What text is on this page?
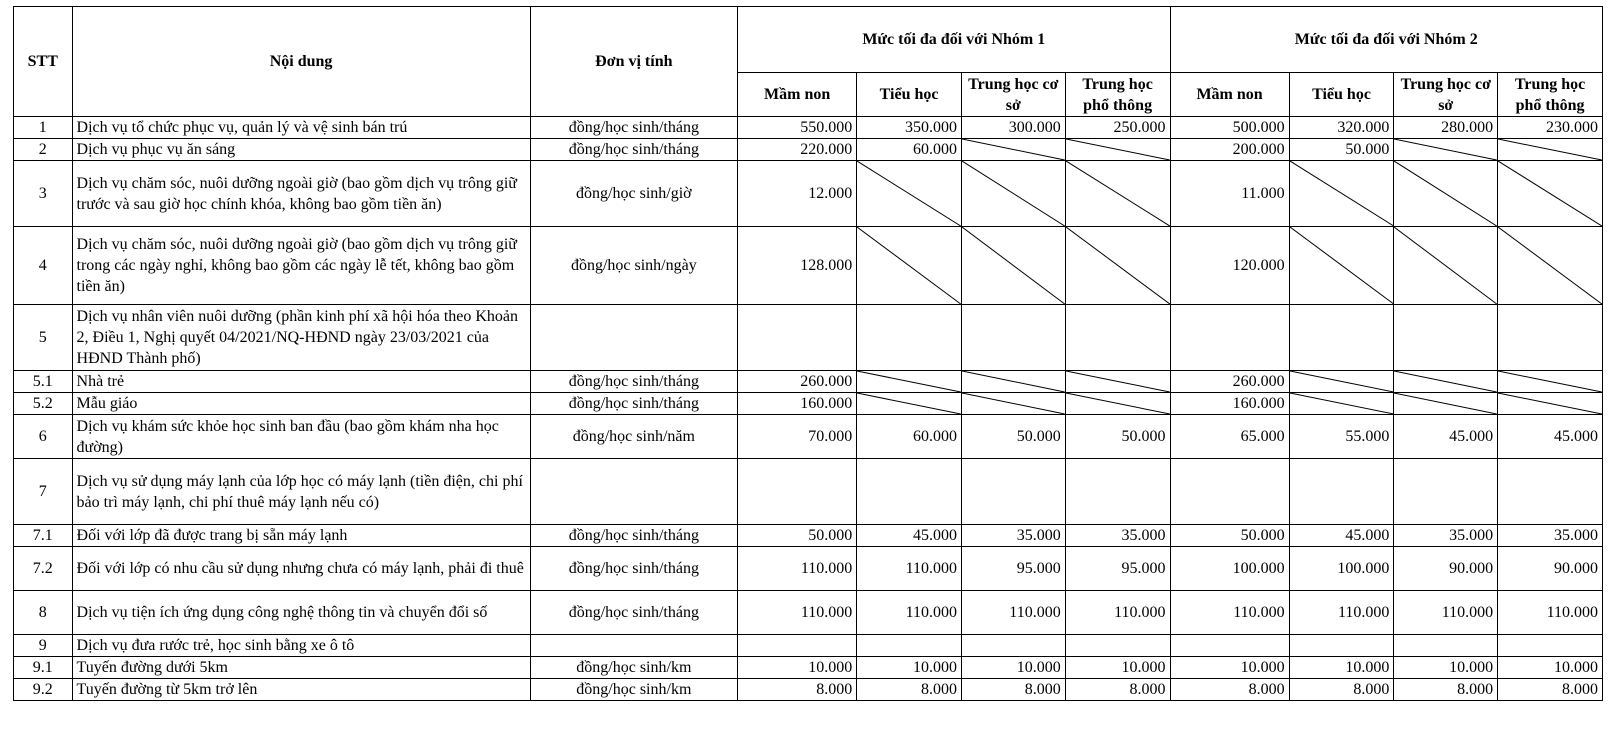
STT	Nội dung	Đơn vị tính	Mức tối đa đối với Nhóm 1				Mức tối đa đối với Nhóm 2			
			Mầm non	Tiểu học	Trung học cơ sở	Trung học phổ thông	Mầm non	Tiểu học	Trung học cơ sở	Trung học phổ thông
1	Dịch vụ tổ chức phục vụ, quản lý và vệ sinh bán trú	đồng/học sinh/tháng	550.000	350.000	300.000	250.000	500.000	320.000	280.000	230.000
2	Dịch vụ phục vụ ăn sáng	đồng/học sinh/tháng	220.000	60.000			200.000	50.000	

3	Dịch vụ chăm sóc, nuôi dưỡng ngoài giờ (bao gồm dịch vụ trông giữ trước và sau giờ học chính khóa, không bao gồm tiền ăn)	đồng/học sinh/giờ	12.000				11.000	

4	Dịch vụ chăm sóc, nuôi dưỡng ngoài giờ (bao gồm dịch vụ trông giữ trong các ngày nghỉ, không bao gồm các ngày lễ tết, không bao gồm tiền ăn)	đồng/học sinh/ngày	128.000				120.000	

5	Dịch vụ nhân viên nuôi dưỡng (phần kinh phí xã hội hóa theo Khoản 2, Điều 1, Nghị quyết 04/2021/NQ-HĐND ngày 23/03/2021 của HĐND Thành phố)									
5.1	Nhà trẻ	đồng/học sinh/tháng	260.000				260.000	

5.2	Mẫu giáo	đồng/học sinh/tháng	160.000				160.000	

6	Dịch vụ khám sức khỏe học sinh ban đầu (bao gồm khám nha học đường)	đồng/học sinh/năm	70.000	60.000	50.000	50.000	65.000	55.000	45.000	45.000
7	Dịch vụ sử dụng máy lạnh của lớp học có máy lạnh (tiền điện, chi phí bảo trì máy lạnh, chi phí thuê máy lạnh nếu có)									
7.1	Đối với lớp đã được trang bị sẵn máy lạnh	đồng/học sinh/tháng	50.000	45.000	35.000	35.000	50.000	45.000	35.000	35.000
7.2	Đối với lớp có nhu cầu sử dụng nhưng chưa có máy lạnh, phải đi thuê	đồng/học sinh/tháng	110.000	110.000	95.000	95.000	100.000	100.000	90.000	90.000
8	Dịch vụ tiện ích ứng dụng công nghệ thông tin và chuyển đổi số	đồng/học sinh/tháng	110.000	110.000	110.000	110.000	110.000	110.000	110.000	110.000
9	Dịch vụ đưa rước trẻ, học sinh bằng xe ô tô									
9.1	Tuyến đường dưới 5km	đồng/học sinh/km	10.000	10.000	10.000	10.000	10.000	10.000	10.000	10.000
9.2	Tuyến đường từ 5km trở lên	đồng/học sinh/km	8.000	8.000	8.000	8.000	8.000	8.000	8.000	8.000
